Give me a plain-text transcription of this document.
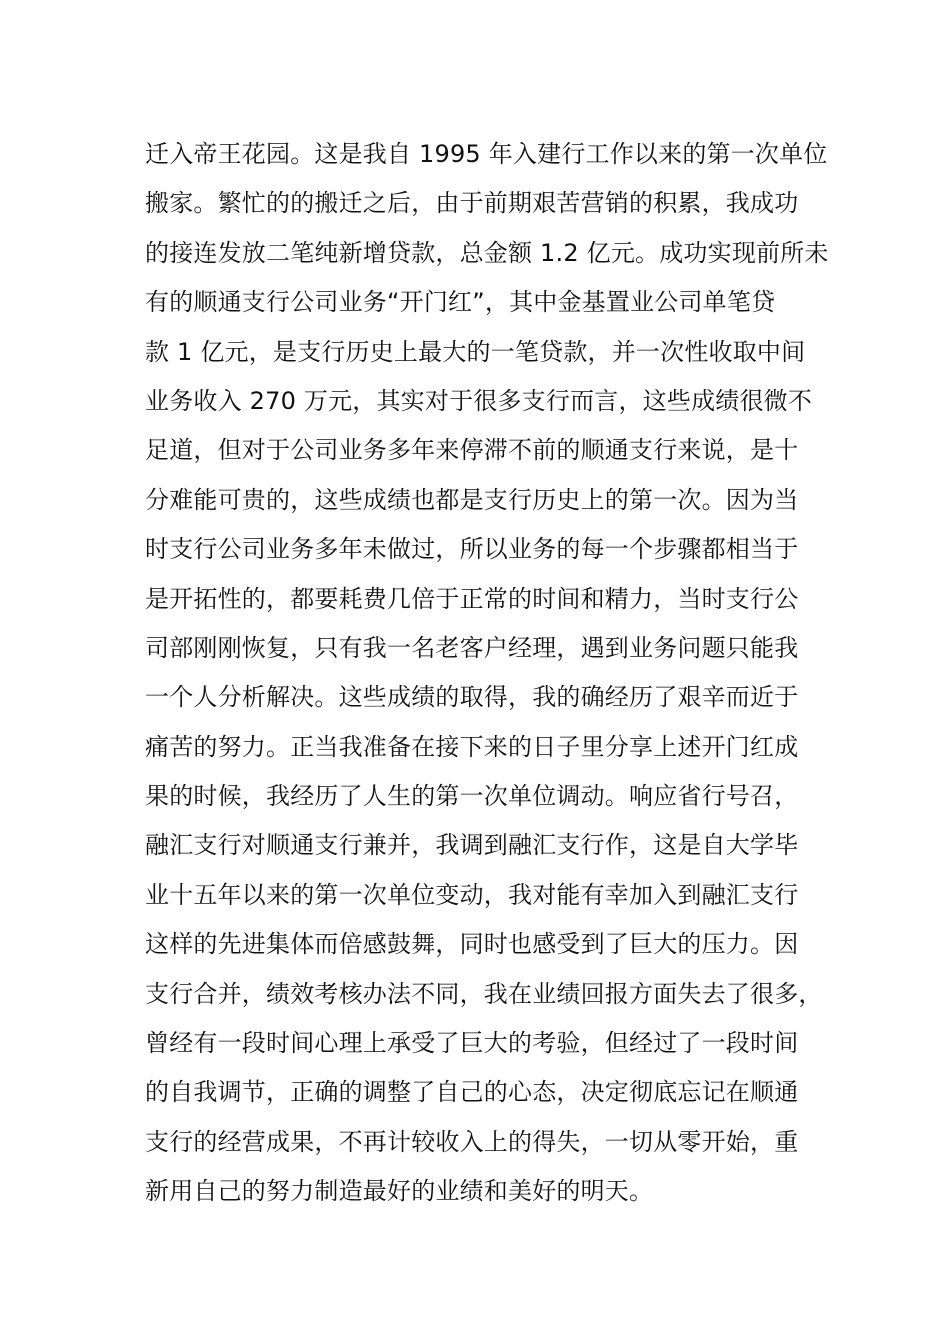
迁入帝王花园。这是我自 1995 年入建行工作以来的第一次单位
搬家。繁忙的的搬迁之后，由于前期艰苦营销的积累，我成功
的接连发放二笔纯新增贷款，总金额 1.2 亿元。成功实现前所未
有的顺通支行公司业务“开门红”，其中金基置业公司单笔贷
款 1 亿元，是支行历史上最大的一笔贷款，并一次性收取中间
业务收入 270 万元，其实对于很多支行而言，这些成绩很微不
足道，但对于公司业务多年来停滞不前的顺通支行来说，是十
分难能可贵的，这些成绩也都是支行历史上的第一次。因为当
时支行公司业务多年未做过，所以业务的每一个步骤都相当于
是开拓性的，都要耗费几倍于正常的时间和精力，当时支行公
司部刚刚恢复，只有我一名老客户经理，遇到业务问题只能我
一个人分析解决。这些成绩的取得，我的确经历了艰辛而近于
痛苦的努力。正当我准备在接下来的日子里分享上述开门红成
果的时候，我经历了人生的第一次单位调动。响应省行号召，
融汇支行对顺通支行兼并，我调到融汇支行作，这是自大学毕
业十五年以来的第一次单位变动，我对能有幸加入到融汇支行
这样的先进集体而倍感鼓舞，同时也感受到了巨大的压力。因
支行合并，绩效考核办法不同，我在业绩回报方面失去了很多，
曾经有一段时间心理上承受了巨大的考验，但经过了一段时间
的自我调节，正确的调整了自己的心态，决定彻底忘记在顺通
支行的经营成果，不再计较收入上的得失，一切从零开始，重
新用自己的努力制造最好的业绩和美好的明天。
